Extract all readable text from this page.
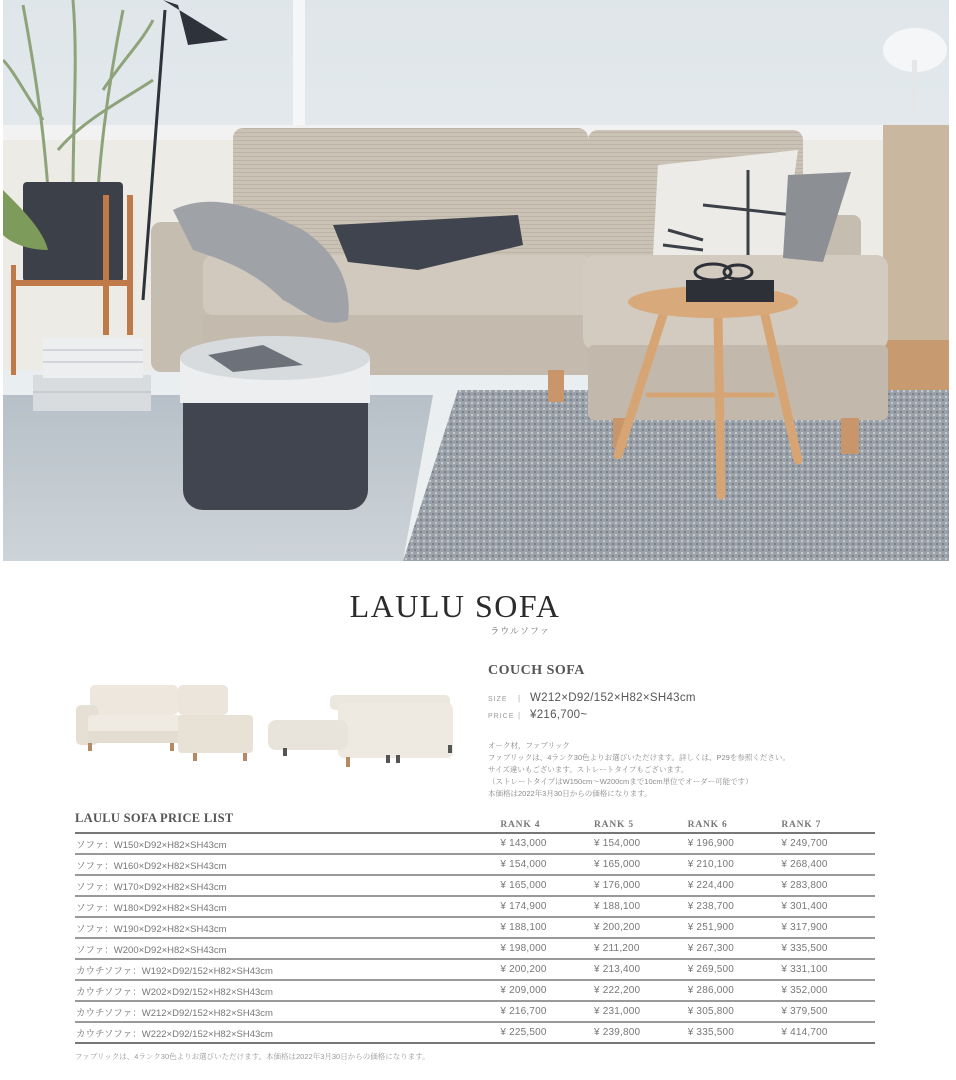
LAULU SOFA
ラウルソファ
COUCH SOFA
SIZE	| W212×D92/152×H82×SH43cm
PRICE | ¥216,700~
オーク材，ファブリック
ファブリックは、4ランク30色よりお選びいただけます。詳しくは、P29を参照ください。
サイズ違いもございます。ストレートタイプもございます。
（ストレートタイプはW150cm～W200cmまで10cm単位でオーダー可能です）
本価格は2022年3月30日からの価格になります。
LAULU SOFA PRICE LIST	RANK 4	RANK 5	RANK 6	RANK 7
ソファ：W150×D92×H82×SH43cm	¥ 143,000	¥ 154,000	¥ 196,900	¥ 249,700
ソファ：W160×D92×H82×SH43cm	¥ 154,000	¥ 165,000	¥ 210,100	¥ 268,400
ソファ：W170×D92×H82×SH43cm	¥ 165,000	¥ 176,000	¥ 224,400	¥ 283,800
ソファ：W180×D92×H82×SH43cm	¥ 174,900	¥ 188,100	¥ 238,700	¥ 301,400
ソファ：W190×D92×H82×SH43cm	¥ 188,100	¥ 200,200	¥ 251,900	¥ 317,900
ソファ：W200×D92×H82×SH43cm	¥ 198,000	¥ 211,200	¥ 267,300	¥ 335,500
カウチソファ：W192×D92/152×H82×SH43cm	¥ 200,200	¥ 213,400	¥ 269,500	¥ 331,100
カウチソファ：W202×D92/152×H82×SH43cm	¥ 209,000	¥ 222,200	¥ 286,000	¥ 352,000
カウチソファ：W212×D92/152×H82×SH43cm	¥ 216,700	¥ 231,000	¥ 305,800	¥ 379,500
カウチソファ：W222×D92/152×H82×SH43cm	¥ 225,500	¥ 239,800	¥ 335,500	¥ 414,700
ファブリックは、4ランク30色よりお選びいただけます。本価格は2022年3月30日からの価格になります。
